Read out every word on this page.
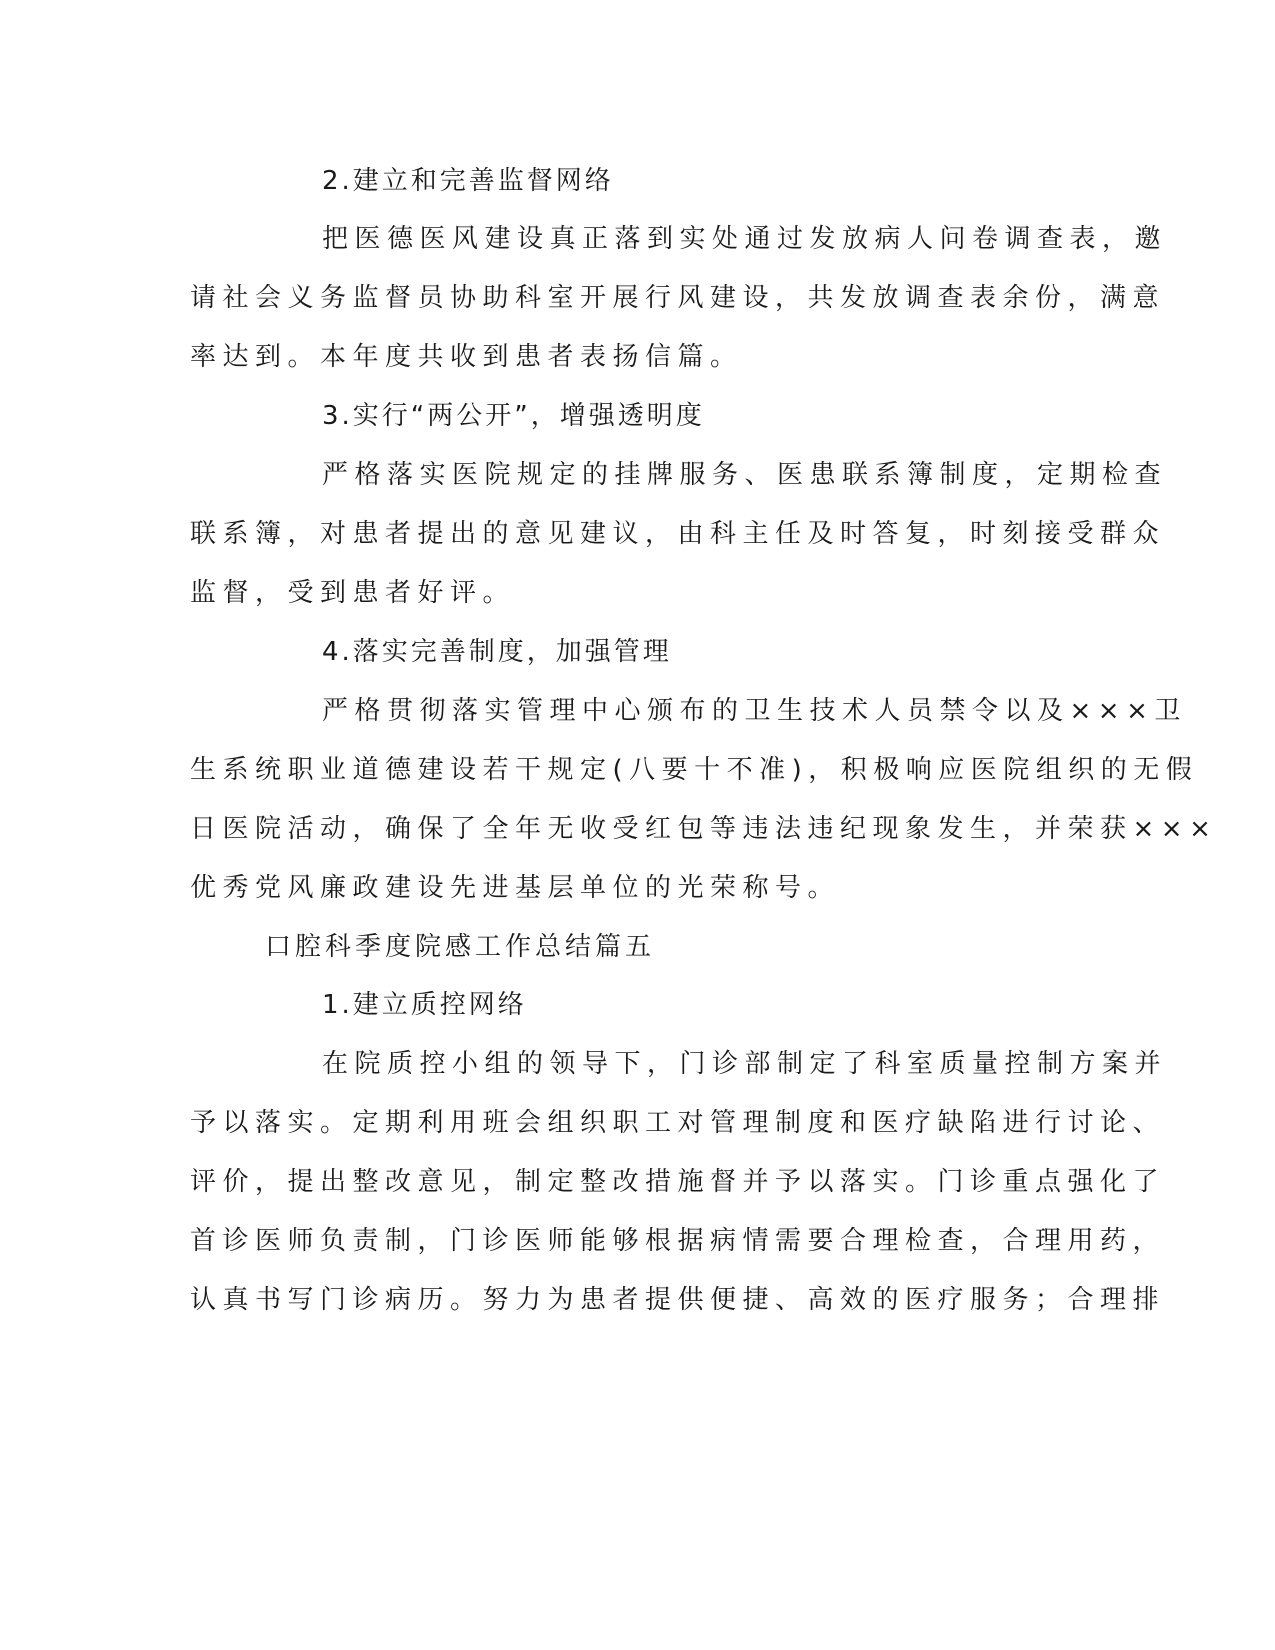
2.建立和完善监督网络
把医德医风建设真正落到实处通过发放病人问卷调查表，邀
请社会义务监督员协助科室开展行风建设，共发放调查表余份，满意
率达到。本年度共收到患者表扬信篇。
3.实行“两公开”，增强透明度
严格落实医院规定的挂牌服务、医患联系簿制度，定期检查
联系簿，对患者提出的意见建议，由科主任及时答复，时刻接受群众
监督，受到患者好评。
4.落实完善制度，加强管理
严格贯彻落实管理中心颁布的卫生技术人员禁令以及×××卫
生系统职业道德建设若干规定(八要十不准)，积极响应医院组织的无假
日医院活动，确保了全年无收受红包等违法违纪现象发生，并荣获×××
优秀党风廉政建设先进基层单位的光荣称号。
口腔科季度院感工作总结篇五
1.建立质控网络
在院质控小组的领导下，门诊部制定了科室质量控制方案并
予以落实。定期利用班会组织职工对管理制度和医疗缺陷进行讨论、
评价，提出整改意见，制定整改措施督并予以落实。门诊重点强化了
首诊医师负责制，门诊医师能够根据病情需要合理检查，合理用药，
认真书写门诊病历。努力为患者提供便捷、高效的医疗服务；合理排
